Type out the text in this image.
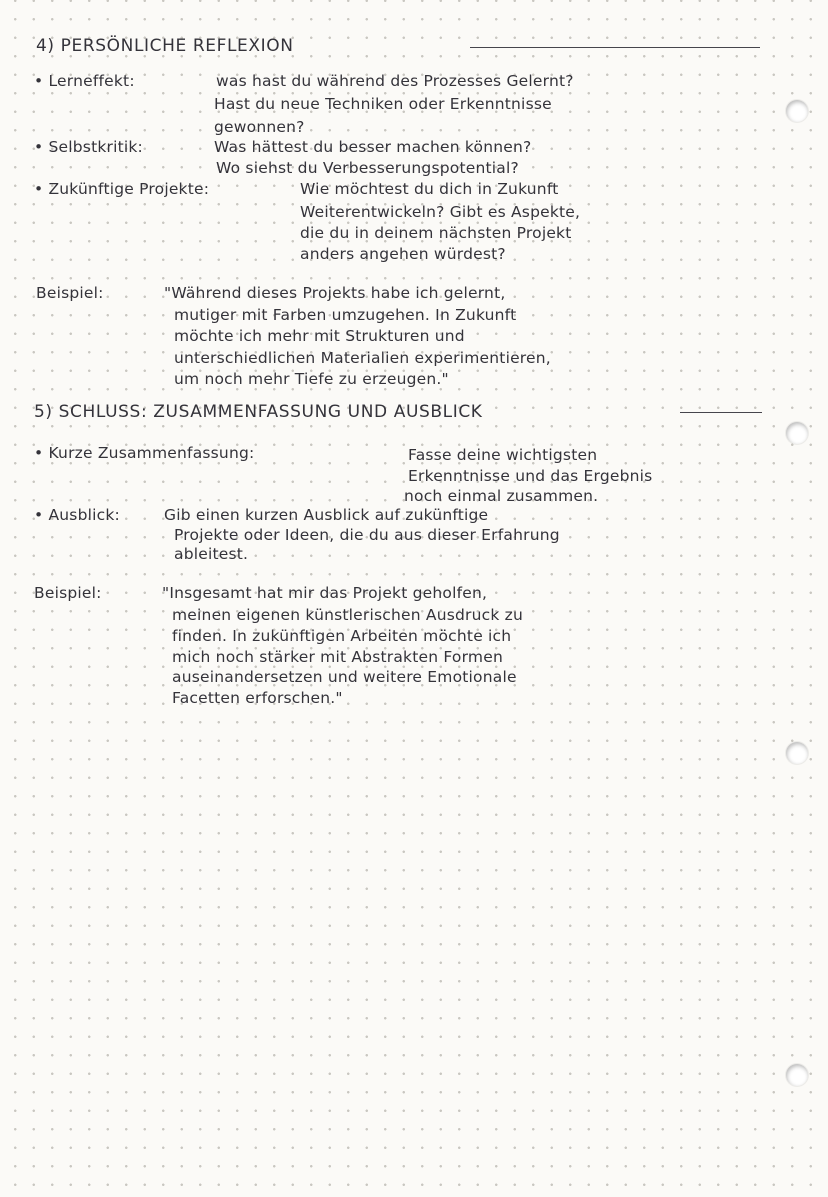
4) PERSÖNLICHE REFLEXION
• Lerneffekt:	was hast du während des Prozesses Gelernt?
Hast du neue Techniken oder Erkenntnisse
gewonnen?
• Selbstkritik:	Was hättest du besser machen können?
Wo siehst du Verbesserungspotential?
• Zukünftige Projekte:	Wie möchtest du dich in Zukunft
Weiterentwickeln? Gibt es Aspekte,
die du in deinem nächsten Projekt
anders angehen würdest?
Beispiel:	"Während dieses Projekts habe ich gelernt,
mutiger mit Farben umzugehen. In Zukunft
möchte ich mehr mit Strukturen und
unterschiedlichen Materialien experimentieren,
um noch mehr Tiefe zu erzeugen."
5) SCHLUSS: ZUSAMMENFASSUNG UND AUSBLICK
• Kurze Zusammenfassung:	Fasse deine wichtigsten
Erkenntnisse und das Ergebnis
noch einmal zusammen.
• Ausblick:	Gib einen kurzen Ausblick auf zukünftige
Projekte oder Ideen, die du aus dieser Erfahrung
ableitest.
Beispiel:	"Insgesamt hat mir das Projekt geholfen,
meinen eigenen künstlerischen Ausdruck zu
finden. In zukünftigen Arbeiten möchte ich
mich noch stärker mit Abstrakten Formen
auseinandersetzen und weitere Emotionale
Facetten erforschen."
